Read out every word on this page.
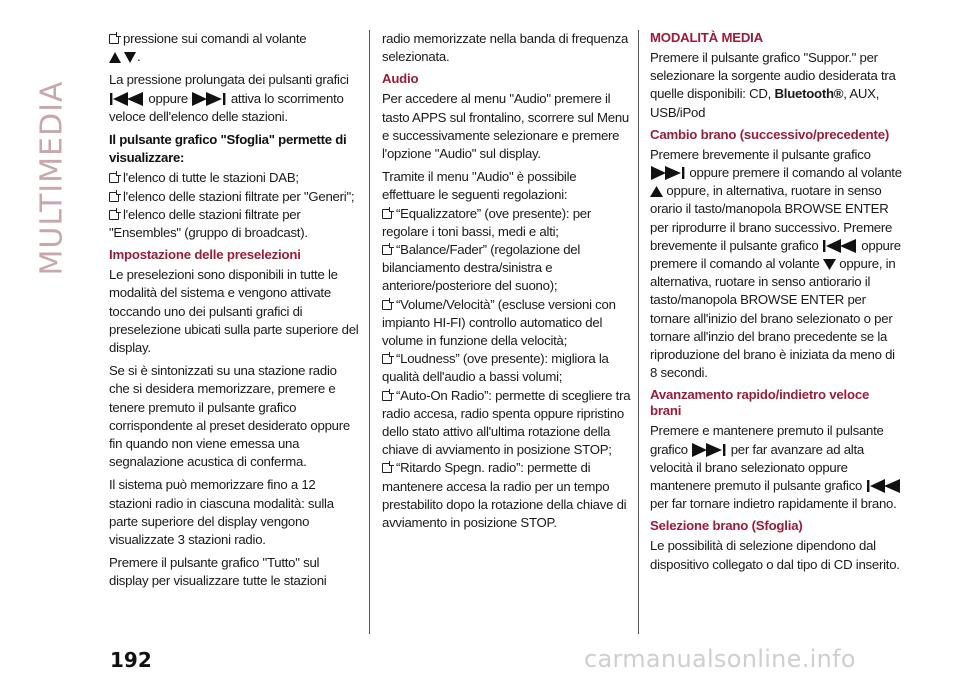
MULTIMEDIA

pressione sui comandi al volante
.

La pressione prolungata dei pulsanti grafici  oppure	attiva lo scorrimento veloce dell'elenco delle stazioni.

Il pulsante grafico "Sfoglia" permette di visualizzare:

l'elenco di tutte le stazioni DAB;
l'elenco delle stazioni filtrate per "Generi";
l'elenco delle stazioni filtrate per "Ensembles" (gruppo di broadcast).
Impostazione delle preselezioni

Le preselezioni sono disponibili in tutte le modalità del sistema e vengono attivate toccando uno dei pulsanti grafici di preselezione ubicati sulla parte superiore del display.

Se si è sintonizzati su una stazione radio che si desidera memorizzare, premere e tenere premuto il pulsante grafico corrispondente al preset desiderato oppure fin quando non viene emessa una segnalazione acustica di conferma.

Il sistema può memorizzare fino a 12 stazioni radio in ciascuna modalità: sulla parte superiore del display vengono visualizzate 3 stazioni radio.

Premere il pulsante grafico "Tutto" sul display per visualizzare tutte le stazioni

radio memorizzate nella banda di frequenza selezionata.

Audio

Per accedere al menu "Audio" premere il tasto APPS sul frontalino, scorrere sul Menu e successivamente selezionare e premere l'opzione "Audio" sul display.

Tramite il menu "Audio" è possibile effettuare le seguenti regolazioni:

“Equalizzatore” (ove presente): per regolare i toni bassi, medi e alti;
“Balance/Fader” (regolazione del bilanciamento destra/sinistra e anteriore/posteriore del suono);
“Volume/Velocità” (escluse versioni con impianto HI-FI) controllo automatico del volume in funzione della velocità;
“Loudness” (ove presente): migliora la qualità dell'audio a bassi volumi;
“Auto-On Radio”: permette di scegliere tra radio accesa, radio spenta oppure ripristino dello stato attivo all'ultima rotazione della chiave di avviamento in posizione STOP;
“Ritardo Spegn. radio”: permette di mantenere accesa la radio per un tempo prestabilito dopo la rotazione della chiave di avviamento in posizione STOP.
MODALITÀ MEDIA

Premere il pulsante grafico "Suppor." per selezionare la sorgente audio desiderata tra quelle disponibili: CD, Bluetooth®, AUX, USB/iPod

Cambio brano (successivo/precedente)

Premere brevemente il pulsante grafico
oppure premere il comando al volante  oppure, in alternativa, ruotare in senso orario il tasto/manopola BROWSE ENTER per riprodurre il brano successivo. Premere brevemente il pulsante grafico	oppure premere il comando al volante oppure, in alternativa, ruotare in senso antiorario il tasto/manopola BROWSE ENTER per tornare all'inizio del brano selezionato o per tornare all'inzio del brano precedente se la riproduzione del brano è iniziata da meno di 8 secondi.

Avanzamento rapido/indietro veloce brani

Premere e mantenere premuto il pulsante grafico	per far avanzare ad alta velocità il brano selezionato oppure mantenere premuto il pulsante grafico  per far tornare indietro rapidamente il brano.

Selezione brano (Sfoglia)

Le possibilità di selezione dipendono dal dispositivo collegato o dal tipo di CD inserito.

192	carmanualsonline.info
